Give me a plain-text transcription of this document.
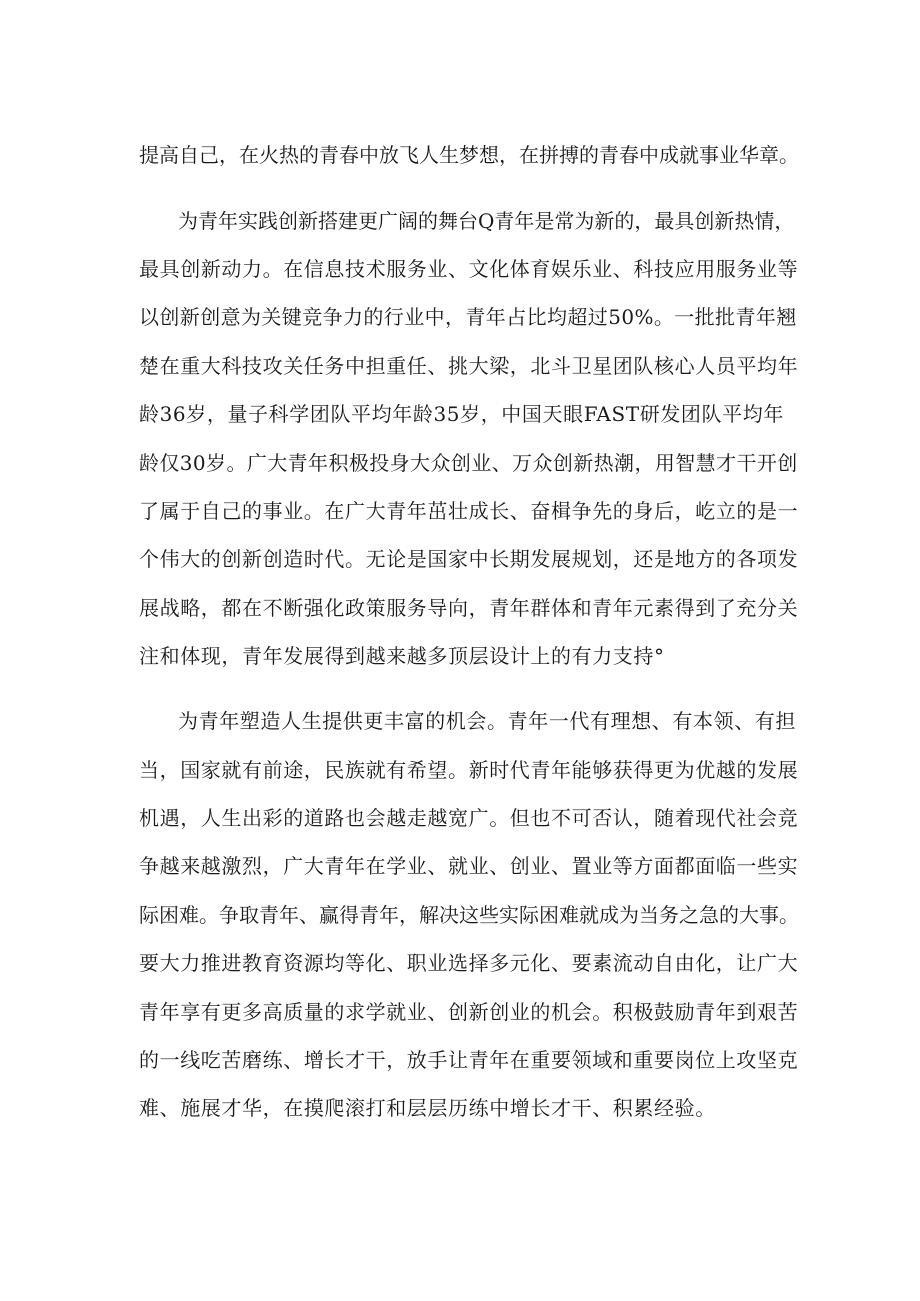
提高自己，在火热的青春中放飞人生梦想，在拼搏的青春中成就事业华章。
为青年实践创新搭建更广阔的舞台Q青年是常为新的，最具创新热情，
最具创新动力。在信息技术服务业、文化体育娱乐业、科技应用服务业等
以创新创意为关键竞争力的行业中，青年占比均超过50%。一批批青年翘
楚在重大科技攻关任务中担重任、挑大梁，北斗卫星团队核心人员平均年
龄36岁，量子科学团队平均年龄35岁，中国天眼FAST研发团队平均年
龄仅30岁。广大青年积极投身大众创业、万众创新热潮，用智慧才干开创
了属于自己的事业。在广大青年茁壮成长、奋楫争先的身后，屹立的是一
个伟大的创新创造时代。无论是国家中长期发展规划，还是地方的各项发
展战略，都在不断强化政策服务导向，青年群体和青年元素得到了充分关
注和体现，青年发展得到越来越多顶层设计上的有力支持°
为青年塑造人生提供更丰富的机会。青年一代有理想、有本领、有担
当，国家就有前途，民族就有希望。新时代青年能够获得更为优越的发展
机遇，人生出彩的道路也会越走越宽广。但也不可否认，随着现代社会竞
争越来越激烈，广大青年在学业、就业、创业、置业等方面都面临一些实
际困难。争取青年、赢得青年，解决这些实际困难就成为当务之急的大事。
要大力推进教育资源均等化、职业选择多元化、要素流动自由化，让广大
青年享有更多高质量的求学就业、创新创业的机会。积极鼓励青年到艰苦
的一线吃苦磨练、增长才干，放手让青年在重要领域和重要岗位上攻坚克
难、施展才华，在摸爬滚打和层层历练中增长才干、积累经验。
